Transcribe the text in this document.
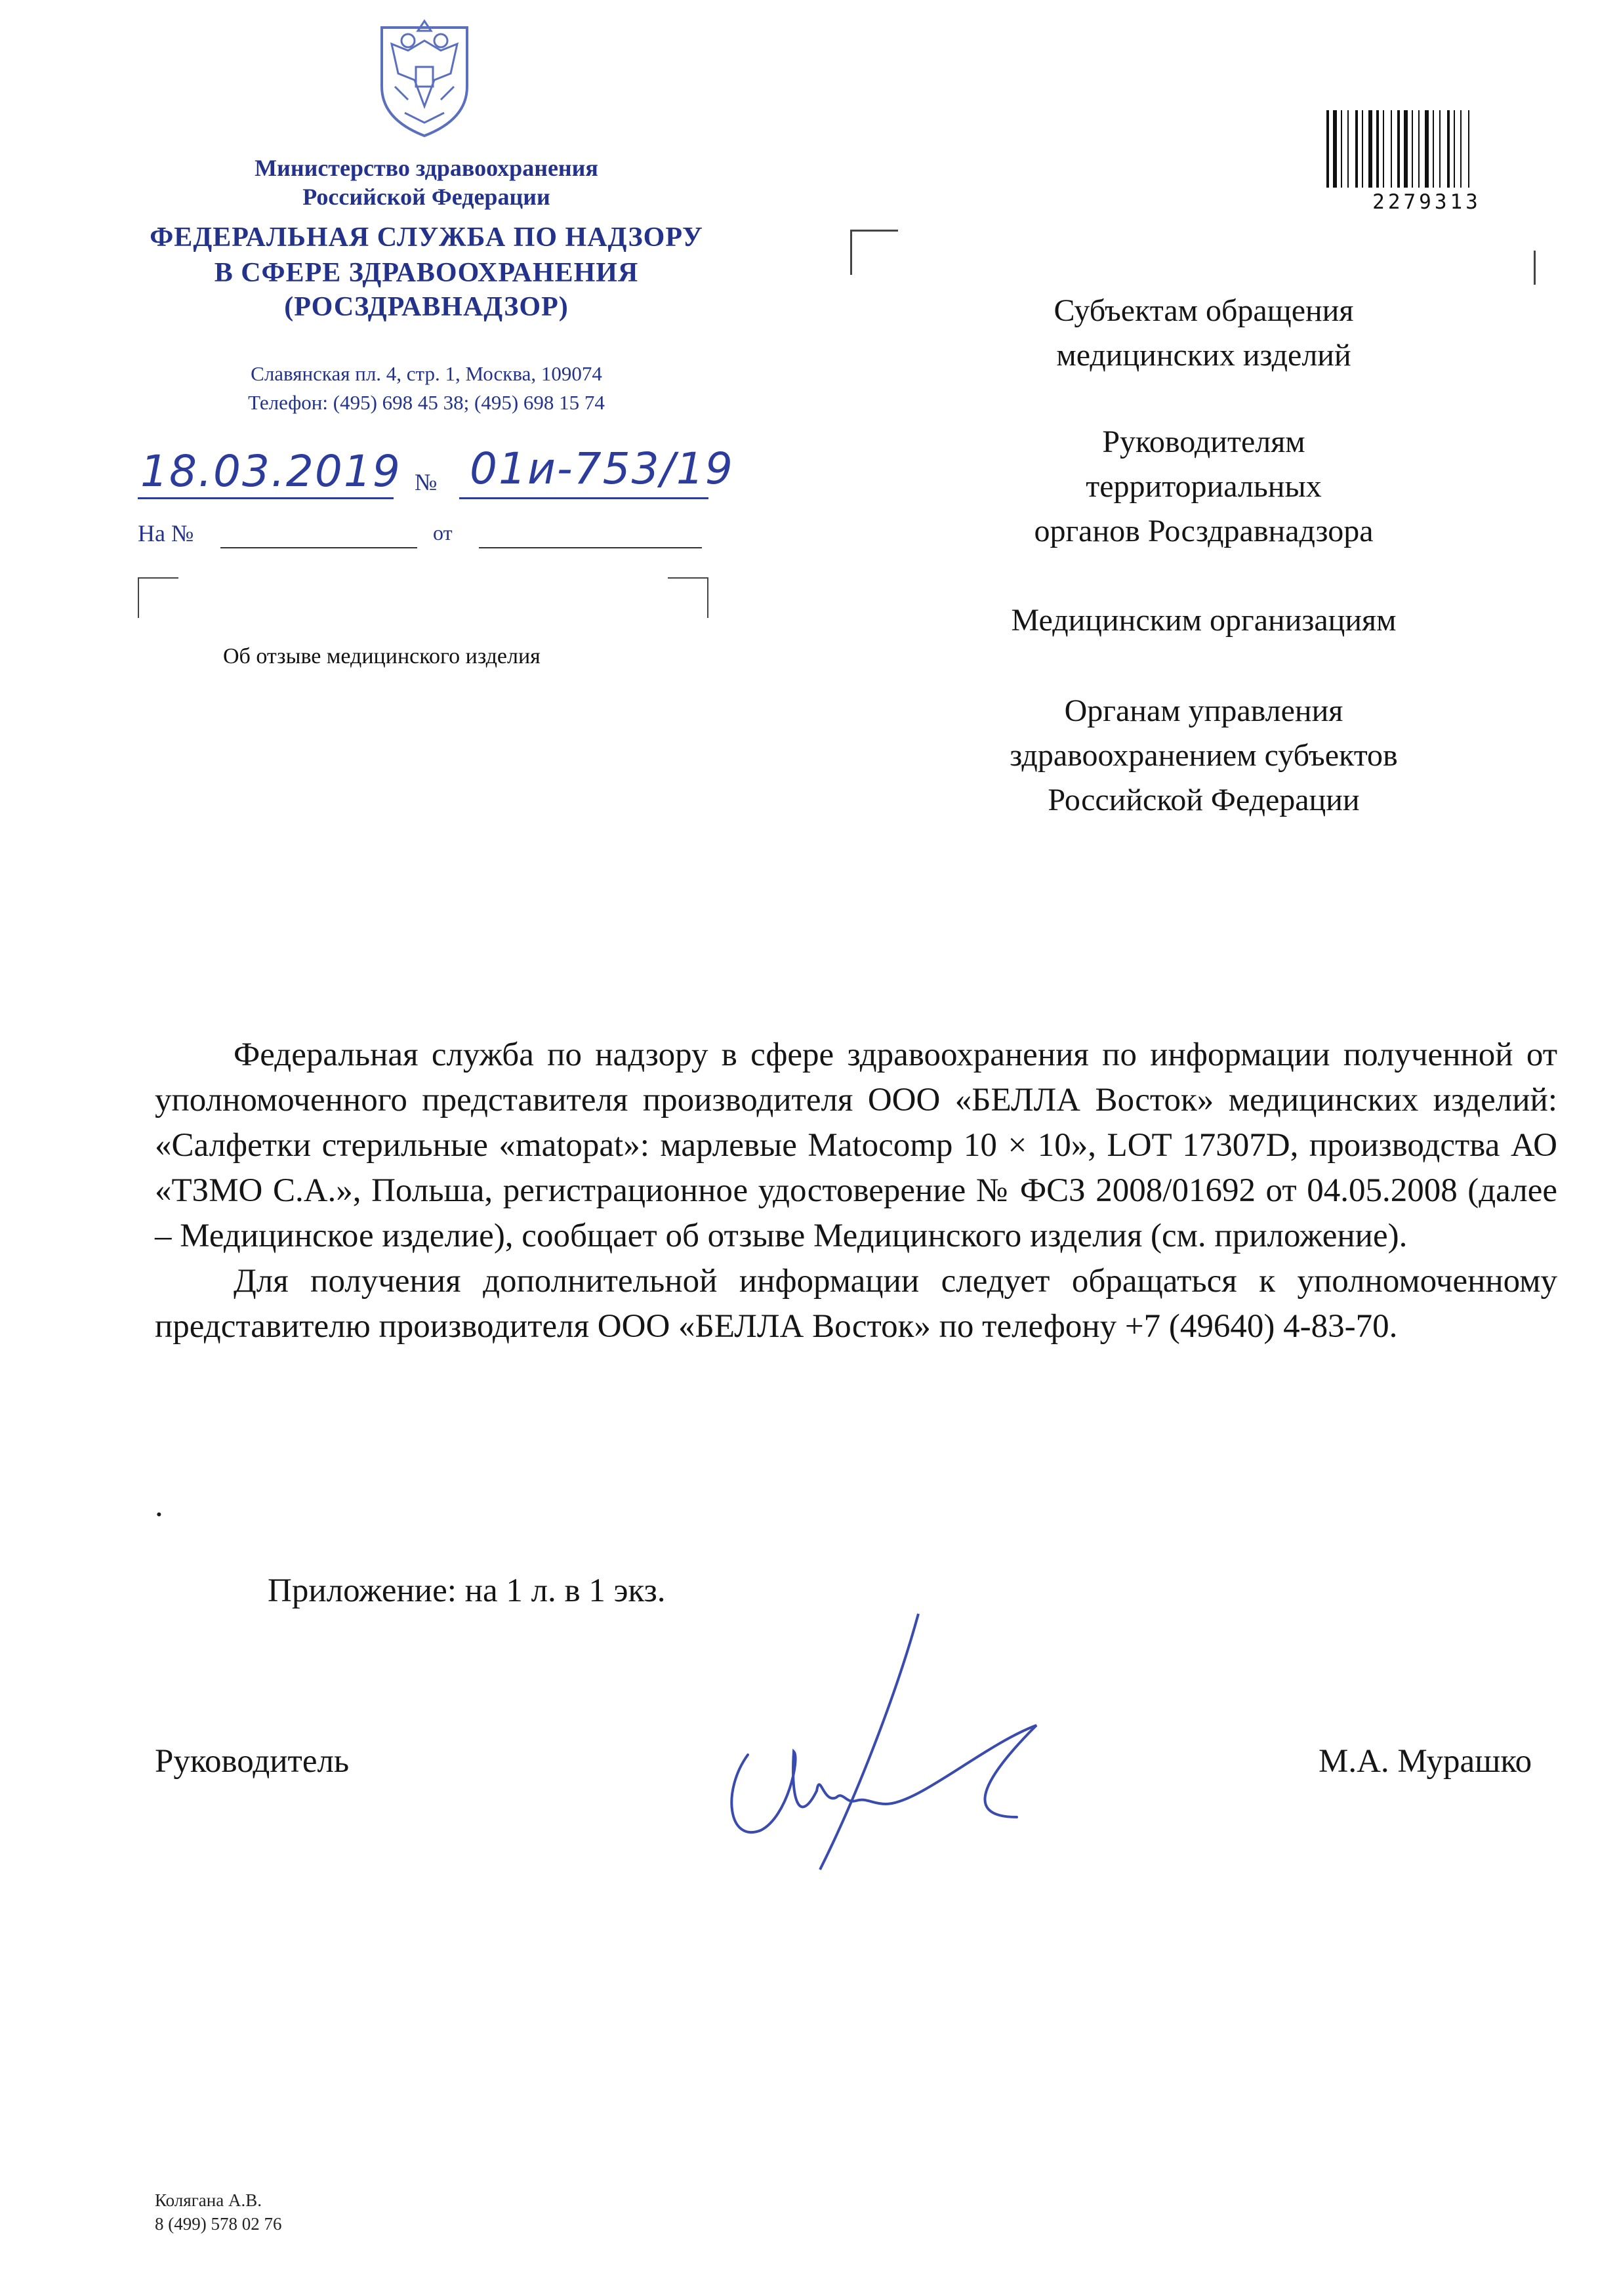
Министерство здравоохранения
Российской Федерации
ФЕДЕРАЛЬНАЯ СЛУЖБА ПО НАДЗОРУ
В СФЕРЕ ЗДРАВООХРАНЕНИЯ
(РОСЗДРАВНАДЗОР)
Славянская пл. 4, стр. 1, Москва, 109074
Телефон: (495) 698 45 38; (495) 698 15 74
18.03.2019 № 01и-753/19
На №	от
Об отзыве медицинского изделия
2279313
Субъектам обращения
медицинских изделий
Руководителям
территориальных
органов Росздравнадзора
Медицинским организациям
Органам управления
здравоохранением субъектов
Российской Федерации

Федеральная служба по надзору в сфере здравоохранения по информации полученной от уполномоченного представителя производителя ООО «БЕЛЛА Восток» медицинских изделий: «Салфетки стерильные «matopat»: марлевые Matocomp 10 × 10», LOT 17307D, производства АО «ТЗМО С.А.», Польша, регистрационное удостоверение № ФСЗ 2008/01692 от 04.05.2008 (далее – Медицинское изделие), сообщает об отзыве Медицинского изделия (см. приложение).

Для получения дополнительной информации следует обращаться к уполномоченному представителю производителя ООО «БЕЛЛА Восток» по телефону +7 (49640) 4-83-70.

.
Приложение: на 1 л. в 1 экз.
Руководитель	М.А. Мурашко
Колягана А.В.
8 (499) 578 02 76
